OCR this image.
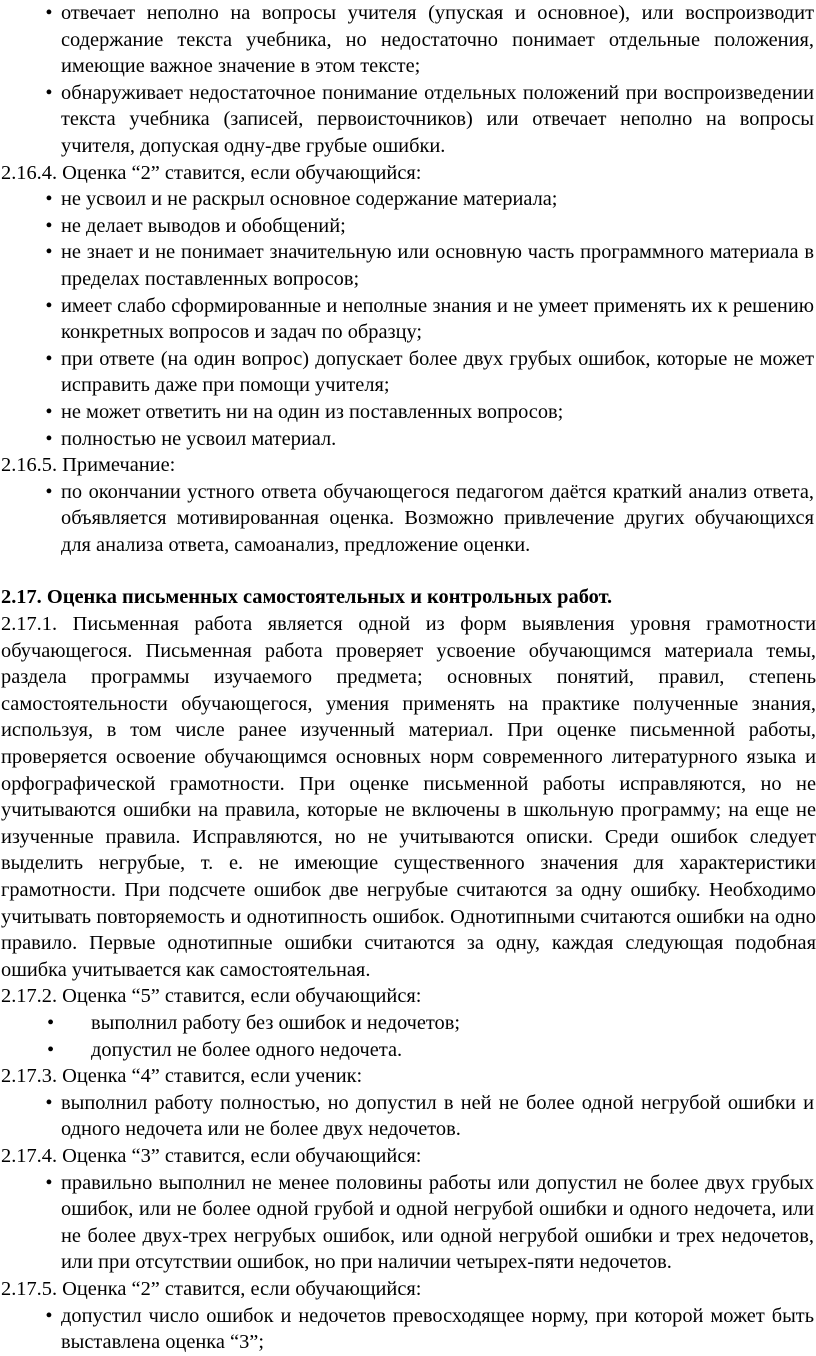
• отвечает неполно на вопросы учителя (упуская и основное), или воспроизводит содержание текста учебника, но недостаточно понимает отдельные положения, имеющие важное значение в этом тексте;
• обнаруживает недостаточное понимание отдельных положений при воспроизведении текста учебника (записей, первоисточников) или отвечает неполно на вопросы учителя, допуская одну-две грубые ошибки.

2.16.4. Оценка “2” ставится, если обучающийся:

• не усвоил и не раскрыл основное содержание материала;
• не делает выводов и обобщений;
• не знает и не понимает значительную или основную часть программного материала в пределах поставленных вопросов;
• имеет слабо сформированные и неполные знания и не умеет применять их к решению конкретных вопросов и задач по образцу;
• при ответе (на один вопрос) допускает более двух грубых ошибок, которые не может исправить даже при помощи учителя;
• не может ответить ни на один из поставленных вопросов;
• полностью не усвоил материал.

2.16.5. Примечание:

• по окончании устного ответа обучающегося педагогом даётся краткий анализ ответа, объявляется мотивированная оценка. Возможно привлечение других обучающихся для анализа ответа, самоанализ, предложение оценки.

2.17. Оценка письменных самостоятельных и контрольных работ.

2.17.1. Письменная работа является одной из форм выявления уровня грамотности обучающегося. Письменная работа проверяет усвоение обучающимся материала темы, раздела программы изучаемого предмета; основных понятий, правил, степень самостоятельности обучающегося, умения применять на практике полученные знания, используя, в том числе ранее изученный материал. При оценке письменной работы, проверяется освоение обучающимся основных норм современного литературного языка и орфографической грамотности. При оценке письменной работы исправляются, но не учитываются ошибки на правила, которые не включены в школьную программу; на еще не изученные правила. Исправляются, но не учитываются описки. Среди ошибок следует выделить негрубые, т. е. не имеющие существенного значения для характеристики грамотности. При подсчете ошибок две негрубые считаются за одну ошибку. Необходимо учитывать повторяемость и однотипность ошибок. Однотипными считаются ошибки на одно правило. Первые однотипные ошибки считаются за одну, каждая следующая подобная ошибка учитывается как самостоятельная.

2.17.2. Оценка “5” ставится, если обучающийся:

•	выполнил работу без ошибок и недочетов;
•	допустил не более одного недочета.

2.17.3. Оценка “4” ставится, если ученик:

• выполнил работу полностью, но допустил в ней не более одной негрубой ошибки и одного недочета или не более двух недочетов.

2.17.4. Оценка “3” ставится, если обучающийся:

• правильно выполнил не менее половины работы или допустил не более двух грубых ошибок, или не более одной грубой и одной негрубой ошибки и одного недочета, или не более двух-трех негрубых ошибок, или одной негрубой ошибки и трех недочетов, или при отсутствии ошибок, но при наличии четырех-пяти недочетов.

2.17.5. Оценка “2” ставится, если обучающийся:

• допустил число ошибок и недочетов превосходящее норму, при которой может быть выставлена оценка “3”;
